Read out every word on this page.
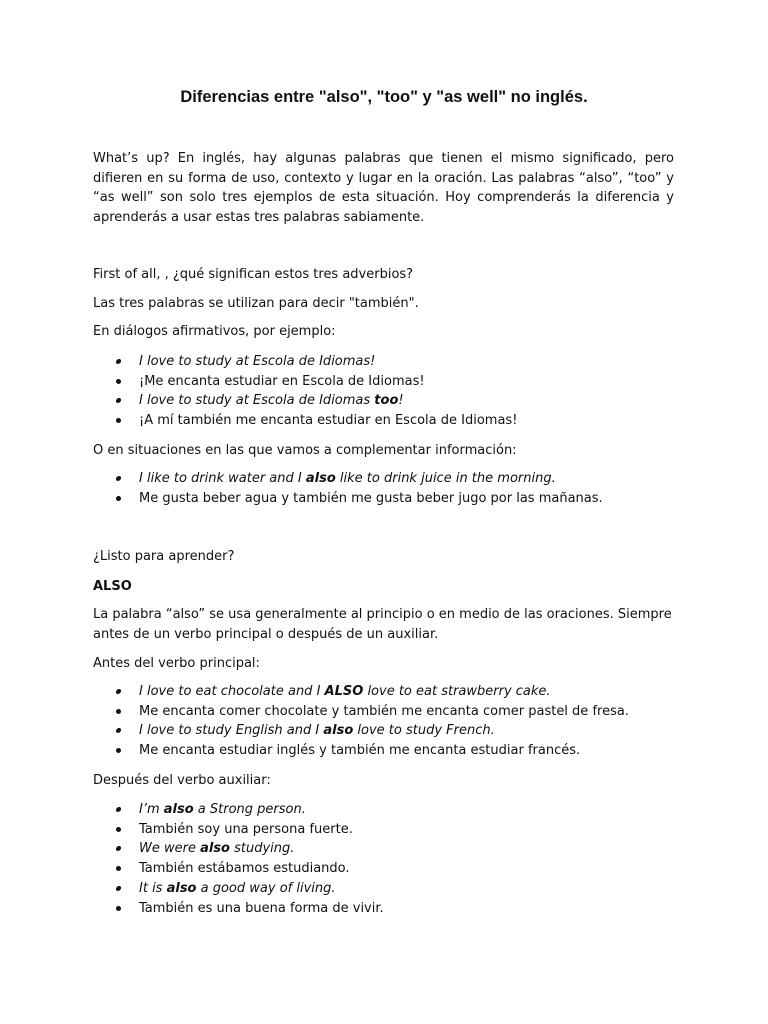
Diferencias entre "also", "too" y "as well" no inglés.

What’s up? En inglés, hay algunas palabras que tienen el mismo significado, pero difieren en su forma de uso, contexto y lugar en la oración. Las palabras “also”, “too” y “as well” son solo tres ejemplos de esta situación. Hoy comprenderás la diferencia y aprenderás a usar estas tres palabras sabiamente.

First of all, , ¿qué significan estos tres adverbios?

Las tres palabras se utilizan para decir "también".

En diálogos afirmativos, por ejemplo:

I love to study at Escola de Idiomas!
¡Me encanta estudiar en Escola de Idiomas!
I love to study at Escola de Idiomas too!
¡A mí también me encanta estudiar en Escola de Idiomas!

O en situaciones en las que vamos a complementar información:

I like to drink water and I also like to drink juice in the morning.
Me gusta beber agua y también me gusta beber jugo por las mañanas.

¿Listo para aprender?

ALSO

La palabra “also” se usa generalmente al principio o en medio de las oraciones. Siempre antes de un verbo principal o después de un auxiliar.

Antes del verbo principal:

I love to eat chocolate and I ALSO love to eat strawberry cake.
Me encanta comer chocolate y también me encanta comer pastel de fresa.
I love to study English and I also love to study French.
Me encanta estudiar inglés y también me encanta estudiar francés.

Después del verbo auxiliar:

I’m also a Strong person.
También soy una persona fuerte.
We were also studying.
También estábamos estudiando.
It is also a good way of living.
También es una buena forma de vivir.
